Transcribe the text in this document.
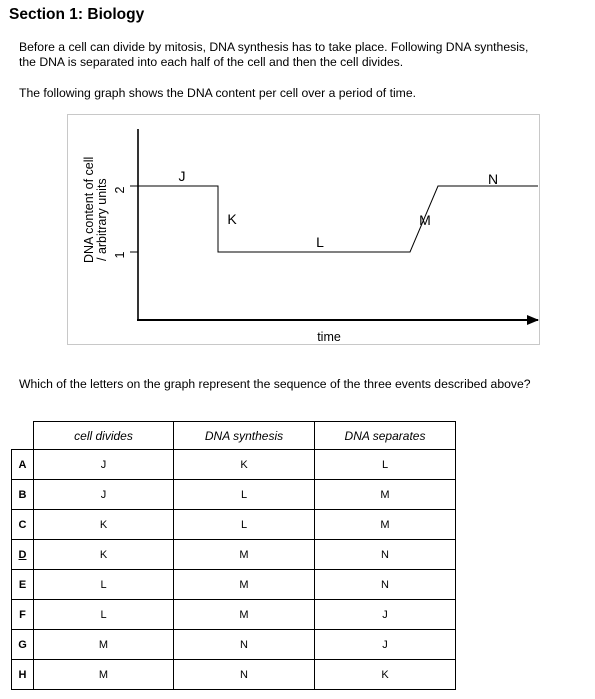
Section 1: Biology

Before a cell can divide by mitosis, DNA synthesis has to take place. Following DNA synthesis,
the DNA is separated into each half of the cell and then the cell divides.

The following graph shows the DNA content per cell over a period of time.

DNA content of cell / arbitrary units 2
1
J
K
L
M
N
time
Which of the letters on the graph represent the sequence of the three events described above?
	cell divides	DNA synthesis	DNA separates
A	J	K	L
B	J	L	M
C	K	L	M
D	K	M	N
E	L	M	N
F	L	M	J
G	M	N	J
H	M	N	K
